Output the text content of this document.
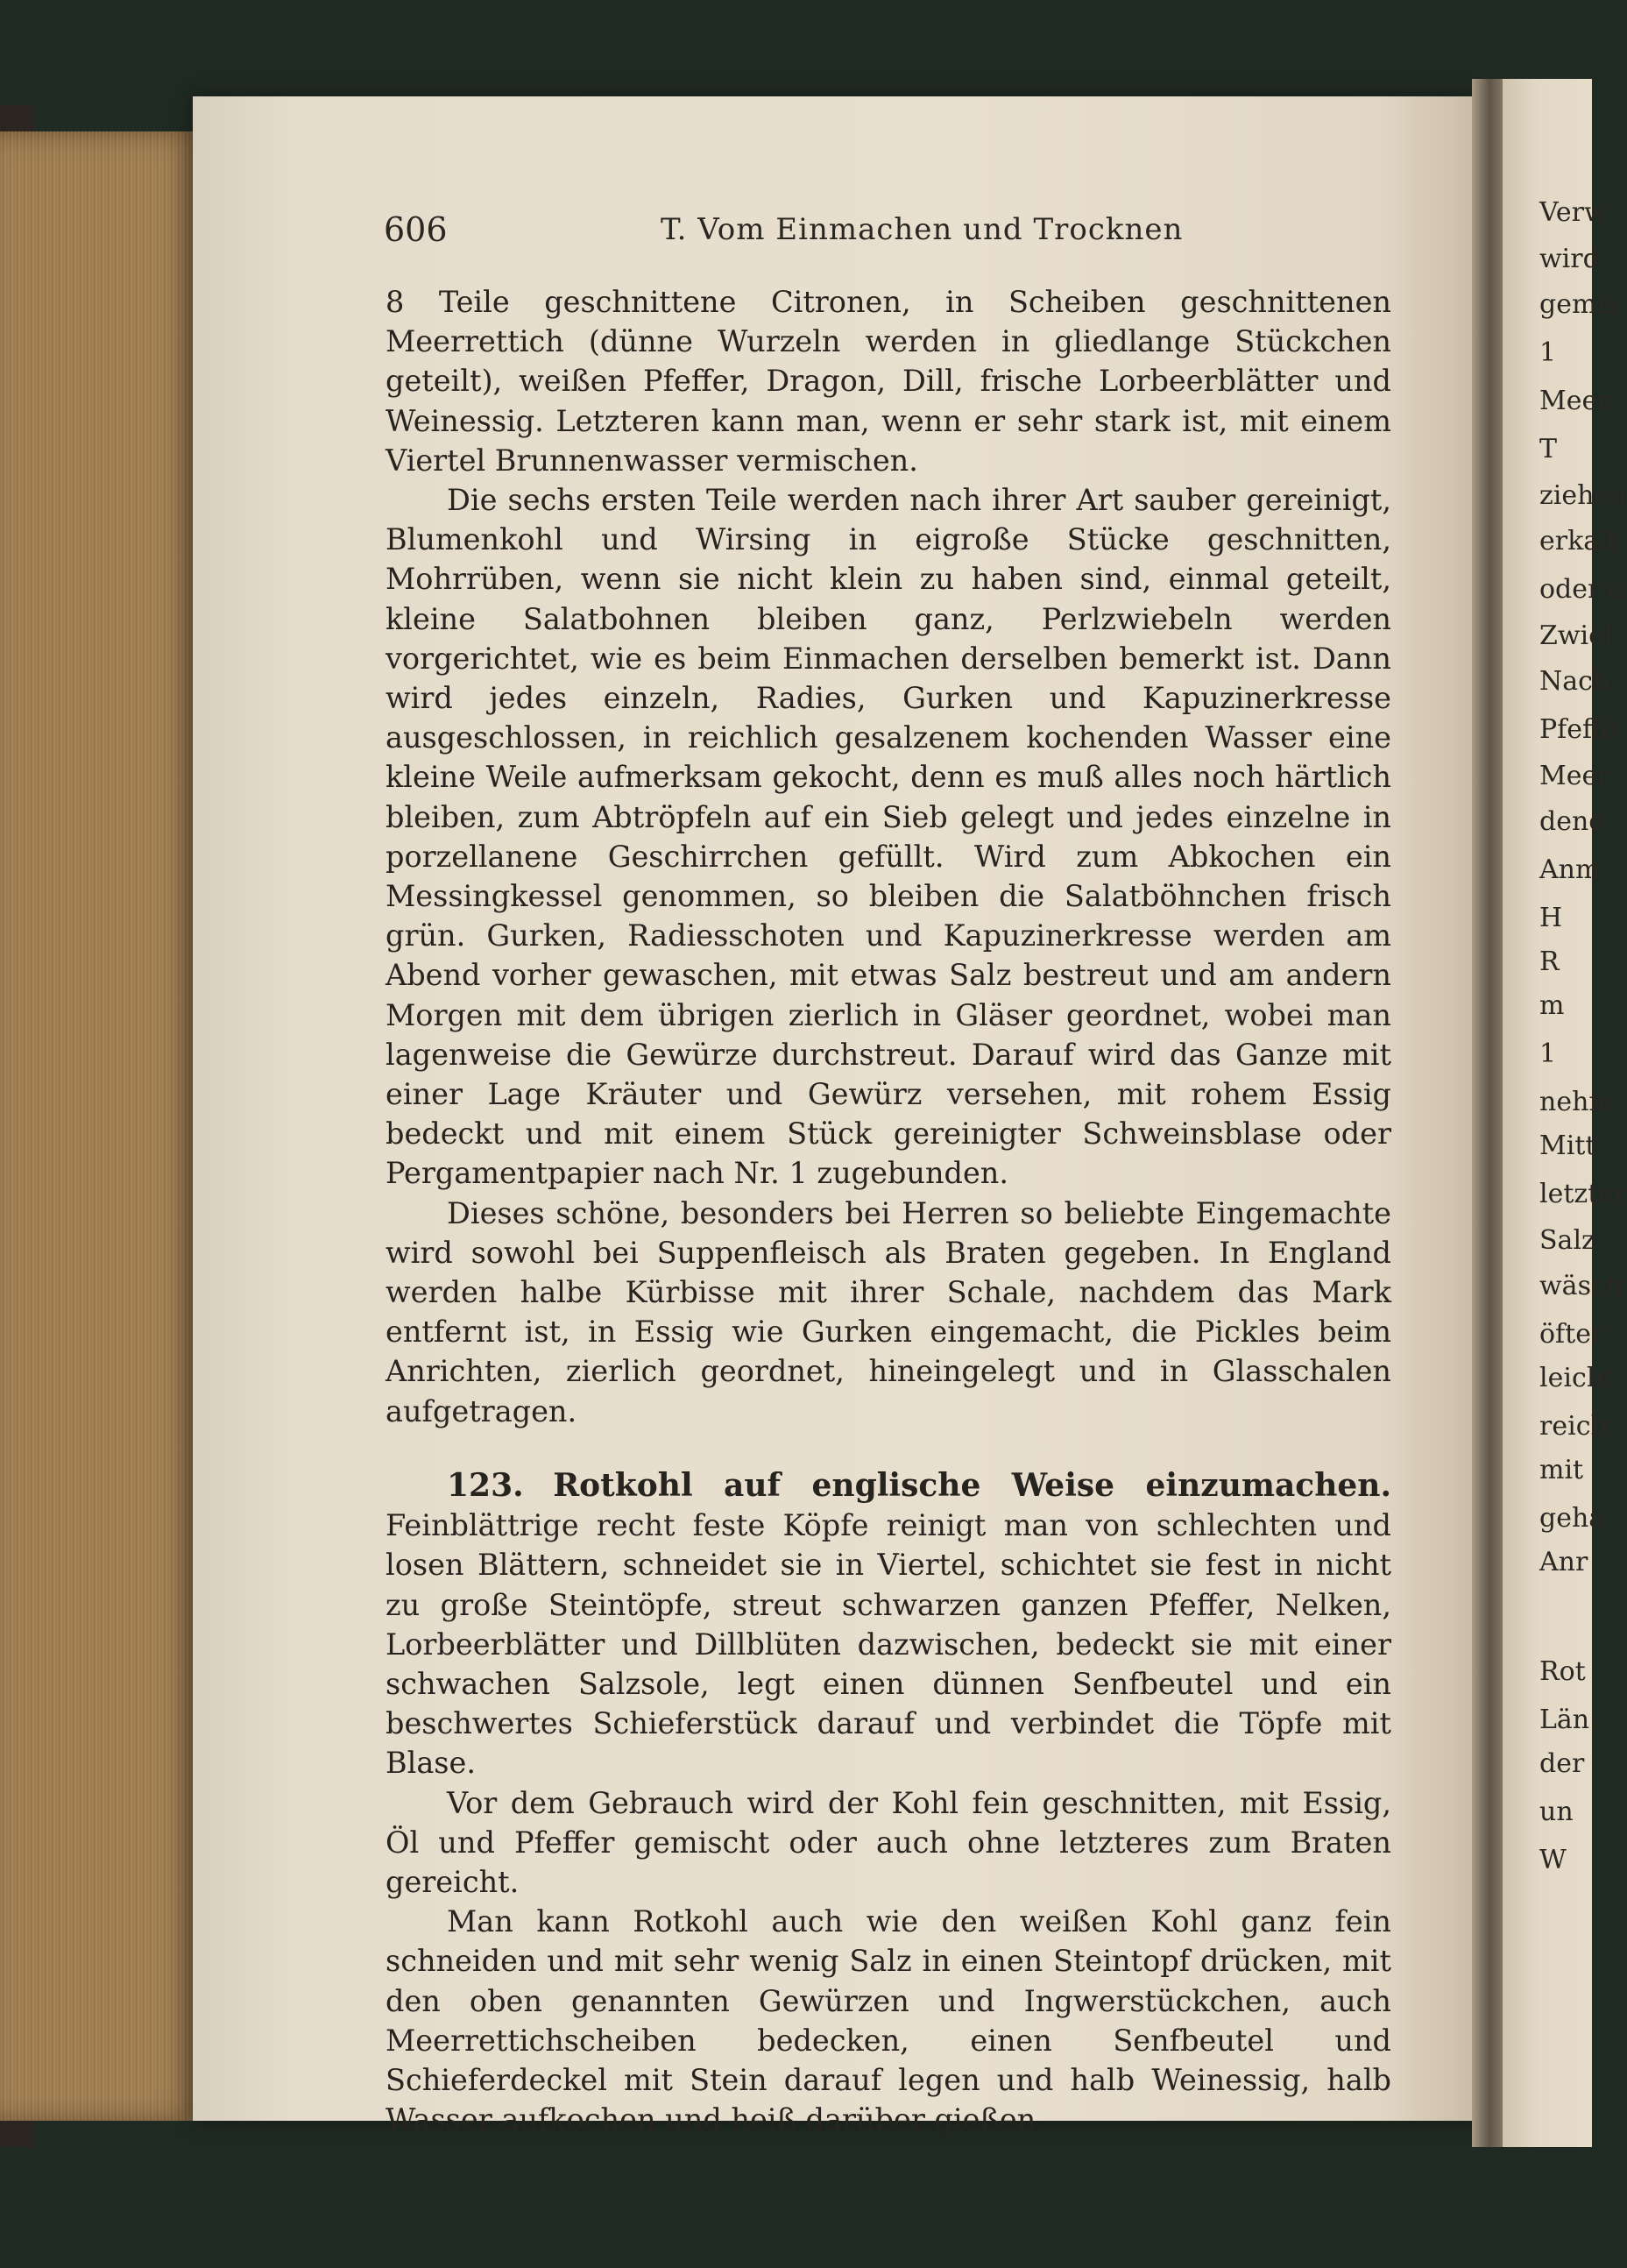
Verw
wird
gemis
1
Meer
T
ziehen
erkalt
oder e
Zwiel
Nach
Pfeffe
Meer
dene
Anm
H
R
m
1
nehm
Mitt
letzter
Salz
wäsch
öfter
leicht
reich
mit
geha
Anr
Rot
Län
der
un
W
606	T. Vom Einmachen und Trocknen

8 Teile geschnittene Citronen, in Scheiben geschnittenen Meerrettich (dünne Wurzeln werden in gliedlange Stückchen geteilt), weißen Pfeffer, Dragon, Dill, frische Lorbeerblätter und Weinessig. Letzteren kann man, wenn er sehr stark ist, mit einem Viertel Brunnenwasser vermischen.

Die sechs ersten Teile werden nach ihrer Art sauber gereinigt, Blumenkohl und Wirsing in eigroße Stücke geschnitten, Mohrrüben, wenn sie nicht klein zu haben sind, einmal geteilt, kleine Salatbohnen bleiben ganz, Perlzwiebeln werden vorgerichtet, wie es beim Einmachen derselben bemerkt ist. Dann wird jedes einzeln, Radies, Gurken und Kapuzinerkresse ausgeschlossen, in reichlich gesalzenem kochenden Wasser eine kleine Weile aufmerksam gekocht, denn es muß alles noch härtlich bleiben, zum Abtröpfeln auf ein Sieb gelegt und jedes einzelne in porzellanene Geschirrchen gefüllt. Wird zum Abkochen ein Messingkessel genommen, so bleiben die Salatböhnchen frisch grün. Gurken, Radiesschoten und Kapuzinerkresse werden am Abend vorher gewaschen, mit etwas Salz bestreut und am andern Morgen mit dem übrigen zierlich in Gläser geordnet, wobei man lagenweise die Gewürze durchstreut. Darauf wird das Ganze mit einer Lage Kräuter und Gewürz versehen, mit rohem Essig bedeckt und mit einem Stück gereinigter Schweinsblase oder Pergamentpapier nach Nr. 1 zugebunden.

Dieses schöne, besonders bei Herren so beliebte Eingemachte wird sowohl bei Suppenfleisch als Braten gegeben. In England werden halbe Kürbisse mit ihrer Schale, nachdem das Mark entfernt ist, in Essig wie Gurken eingemacht, die Pickles beim Anrichten, zierlich geordnet, hineingelegt und in Glasschalen aufgetragen.

123. Rotkohl auf englische Weise einzumachen. Feinblättrige recht feste Köpfe reinigt man von schlechten und losen Blättern, schneidet sie in Viertel, schichtet sie fest in nicht zu große Steintöpfe, streut schwarzen ganzen Pfeffer, Nelken, Lorbeerblätter und Dillblüten dazwischen, bedeckt sie mit einer schwachen Salzsole, legt einen dünnen Senfbeutel und ein beschwertes Schieferstück darauf und verbindet die Töpfe mit Blase.

Vor dem Gebrauch wird der Kohl fein geschnitten, mit Essig, Öl und Pfeffer gemischt oder auch ohne letzteres zum Braten gereicht.

Man kann Rotkohl auch wie den weißen Kohl ganz fein schneiden und mit sehr wenig Salz in einen Steintopf drücken, mit den oben genannten Gewürzen und Ingwerstückchen, auch Meerrettichscheiben bedecken, einen Senfbeutel und Schieferdeckel mit Stein darauf legen und halb Weinessig, halb Wasser aufkochen und heiß darüber gießen.
